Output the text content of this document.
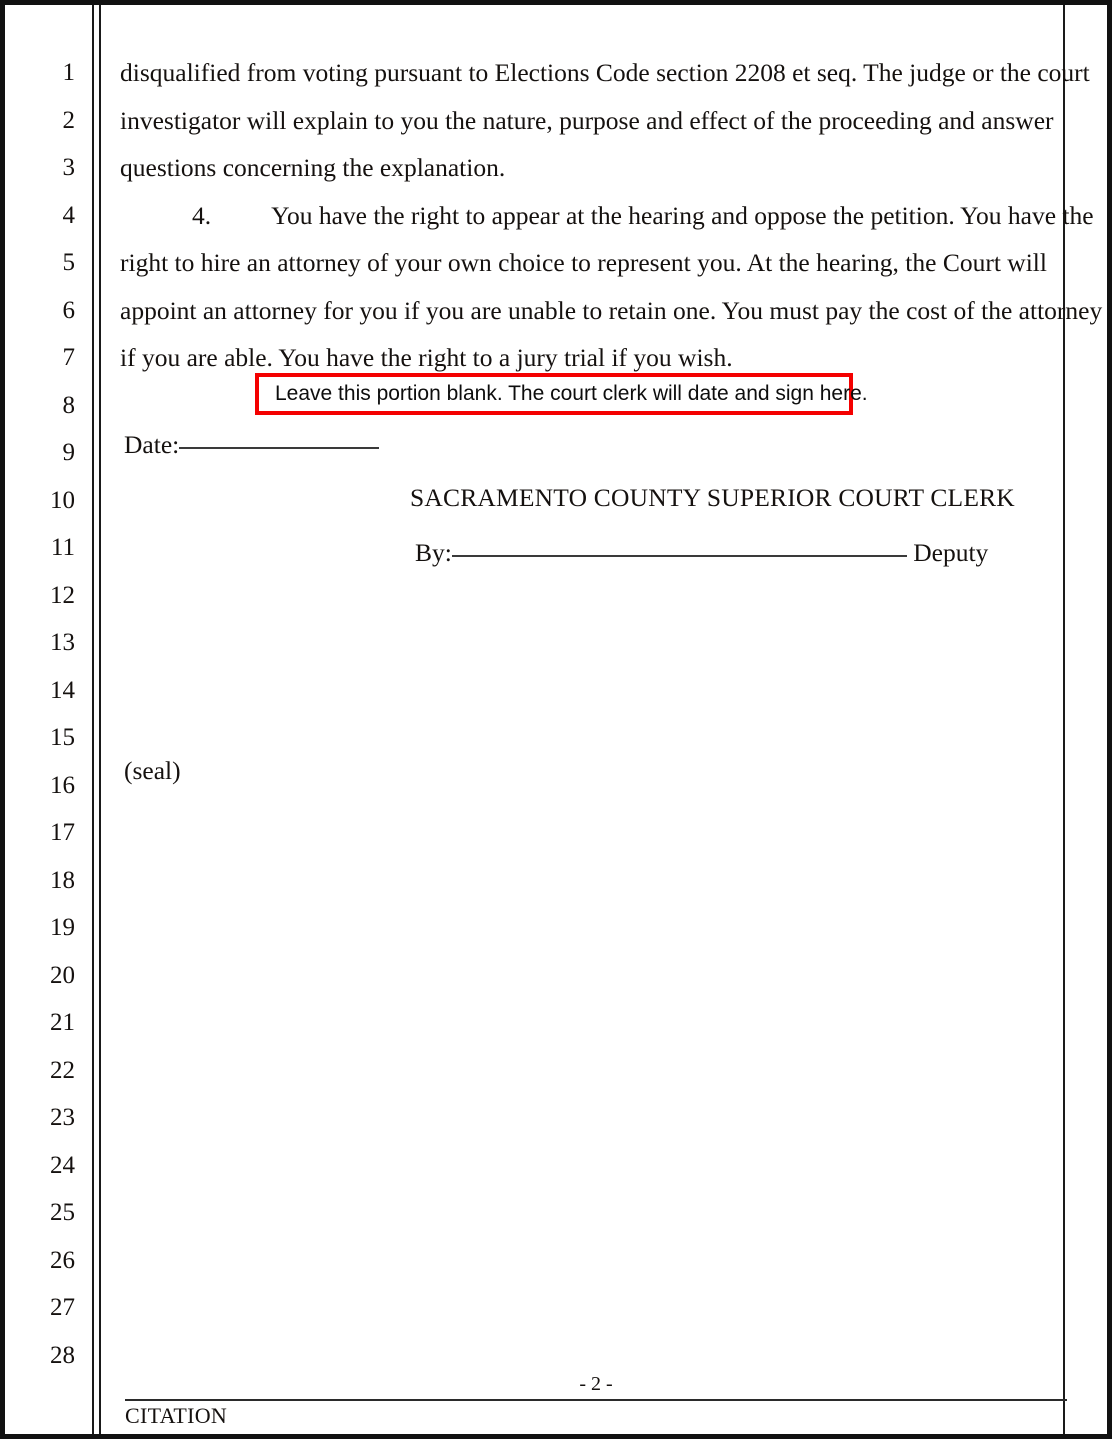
1
2
3
4
5
6
7
8
9
10
11
12
13
14
15
16
17
18
19
20
21
22
23
24
25
26
27
28
disqualified from voting pursuant to Elections Code section 2208 et seq. The judge or the court
investigator will explain to you the nature, purpose and effect of the proceeding and answer
questions concerning the explanation.
4. You have the right to appear at the hearing and oppose the petition. You have the
right to hire an attorney of your own choice to represent you. At the hearing, the Court will
appoint an attorney for you if you are unable to retain one. You must pay the cost of the attorney
if you are able. You have the right to a jury trial if you wish.
Leave this portion blank. The court clerk will date and sign here.
Date:
SACRAMENTO COUNTY SUPERIOR COURT CLERK
By:	Deputy
(seal)
- 2 -
CITATION
